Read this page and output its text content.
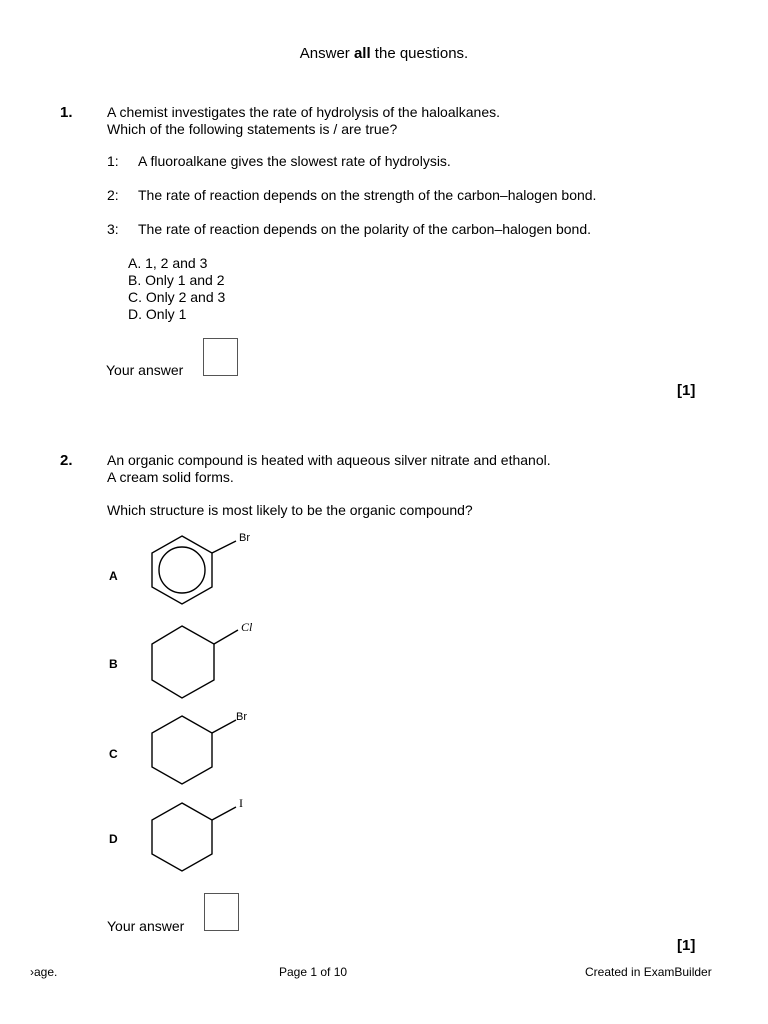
Answer all the questions.
1. A chemist investigates the rate of hydrolysis of the haloalkanes.
Which of the following statements is / are true?
1: A fluoroalkane gives the slowest rate of hydrolysis.
2: The rate of reaction depends on the strength of the carbon–halogen bond.
3: The rate of reaction depends on the polarity of the carbon–halogen bond.
A. 1, 2 and 3
B. Only 1 and 2
C. Only 2 and 3
D. Only 1
Your answer
[1]
2. An organic compound is heated with aqueous silver nitrate and ethanol.
A cream solid forms.
Which structure is most likely to be the organic compound?
A
Br
B
Cl
C
Br
D
I
Your answer
[1]
›age.	Page 1 of 10	Created in ExamBuilder
